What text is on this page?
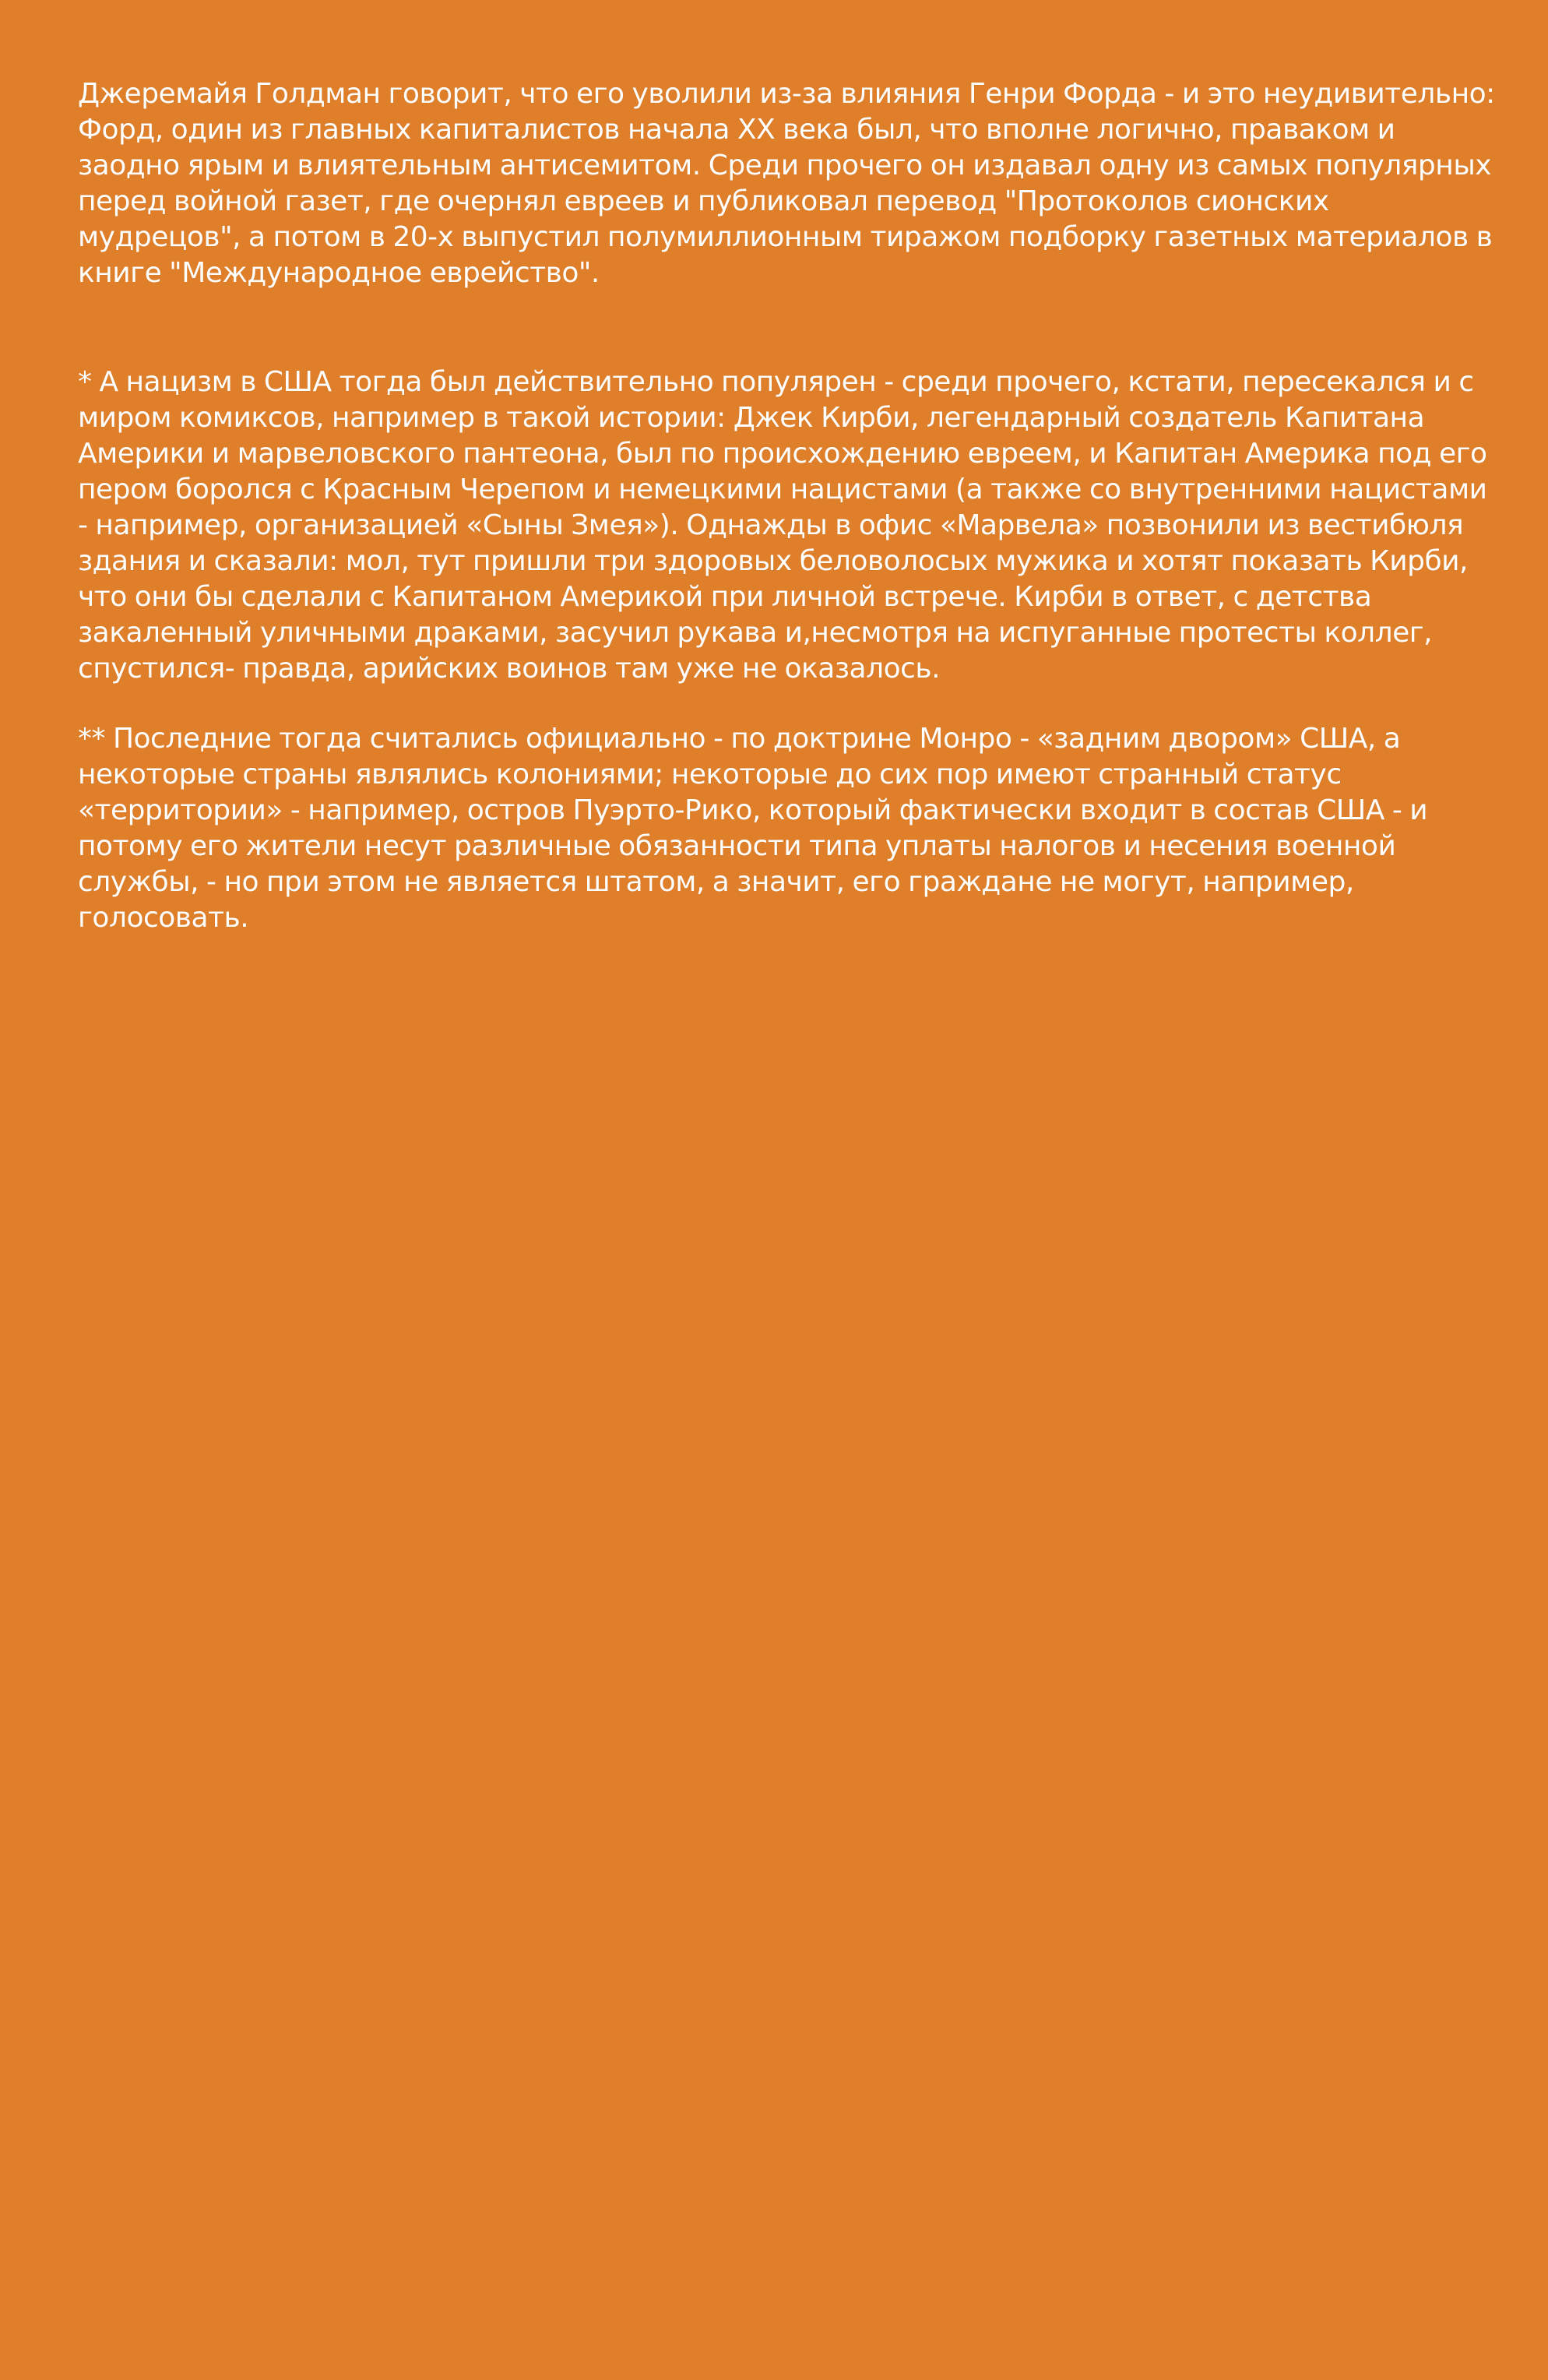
Джеремайя Голдман говорит, что его уволили из-за влияния Генри Форда - и это неудивительно: Форд, один из главных капиталистов начала XX века был, что вполне логично, праваком и заодно ярым и влиятельным антисемитом. Среди прочего он издавал одну из самых популярных перед войной газет, где очернял евреев и публиковал перевод "Протоколов сионских мудрецов", а потом в 20-х выпустил полумиллионным тиражом подборку газетных материалов в книге "Международное еврейство".

* А нацизм в США тогда был действительно популярен - среди прочего, кстати, пересекался и с миром комиксов, например в такой истории: Джек Кирби, легендарный создатель Капитана Америки и марвеловского пантеона, был по происхождению евреем, и Капитан Америка под его пером боролся с Красным Черепом и немецкими нацистами (а также со внутренними нацистами - например, организацией «Сыны Змея»). Однажды в офис «Марвела» позвонили из вестибюля здания и сказали: мол, тут пришли три здоровых беловолосых мужика и хотят показать Кирби, что они бы сделали с Капитаном Америкой при личной встрече. Кирби в ответ, с детства закаленный уличными драками, засучил рукава и,несмотря на испуганные протесты коллег, спустился- правда, арийских воинов там уже не оказалось.

** Последние тогда считались официально - по доктрине Монро - «задним двором» США, а некоторые страны являлись колониями; некоторые до сих пор имеют странный статус «территории» - например, остров Пуэрто-Рико, который фактически входит в состав США - и потому его жители несут различные обязанности типа уплаты налогов и несения военной службы, - но при этом не является штатом, а значит, его граждане не могут, например, голосовать.
